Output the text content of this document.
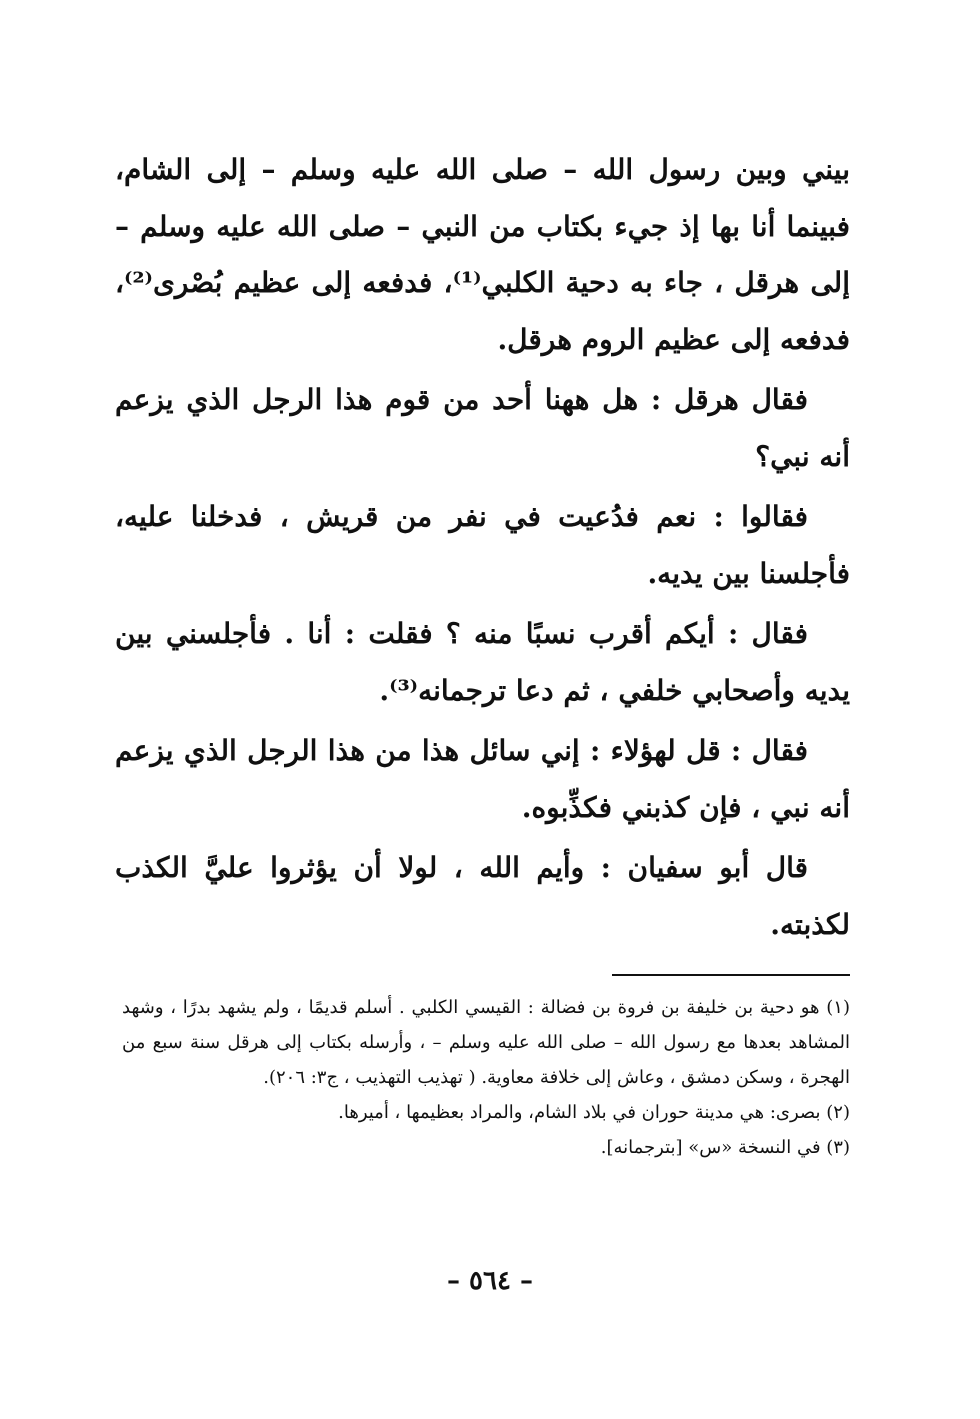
بيني وبين رسول الله – صلى الله عليه وسلم – إلى الشام، فبينما أنا بها إذ جيء بكتاب من النبي – صلى الله عليه وسلم – إلى هرقل ، جاء به دحية الكلبي⁽¹⁾، فدفعه إلى عظيم بُصْرى⁽²⁾، فدفعه إلى عظيم الروم هرقل.

فقال هرقل : هل ههنا أحد من قوم هذا الرجل الذي يزعم أنه نبي؟

فقالوا : نعم فدُعيت في نفر من قريش ، فدخلنا عليه، فأجلسنا بين يديه.

فقال : أيكم أقرب نسبًا منه ؟ فقلت : أنا . فأجلسني بين يديه وأصحابي خلفي ، ثم دعا ترجمانه⁽³⁾.

فقال : قل لهؤلاء : إني سائل هذا من هذا الرجل الذي يزعم أنه نبي ، فإن كذبني فكذِّبوه.

قال أبو سفيان : وأيم الله ، لولا أن يؤثروا عليَّ الكذب لكذبته.

(١) هو دحية بن خليفة بن فروة بن فضالة : القيسي الكلبي . أسلم قديمًا ، ولم يشهد بدرًا ، وشهد المشاهد بعدها مع رسول الله – صلى الله عليه وسلم – ، وأرسله بكتاب إلى هرقل سنة سبع من الهجرة ، وسكن دمشق ، وعاش إلى خلافة معاوية. ( تهذيب التهذيب ، ج٣: ٢٠٦).

(٢) بصرى: هي مدينة حوران في بلاد الشام، والمراد بعظيمها ، أميرها.

(٣) في النسخة «س» [بترجمانه].

– ٥٦٤ –
